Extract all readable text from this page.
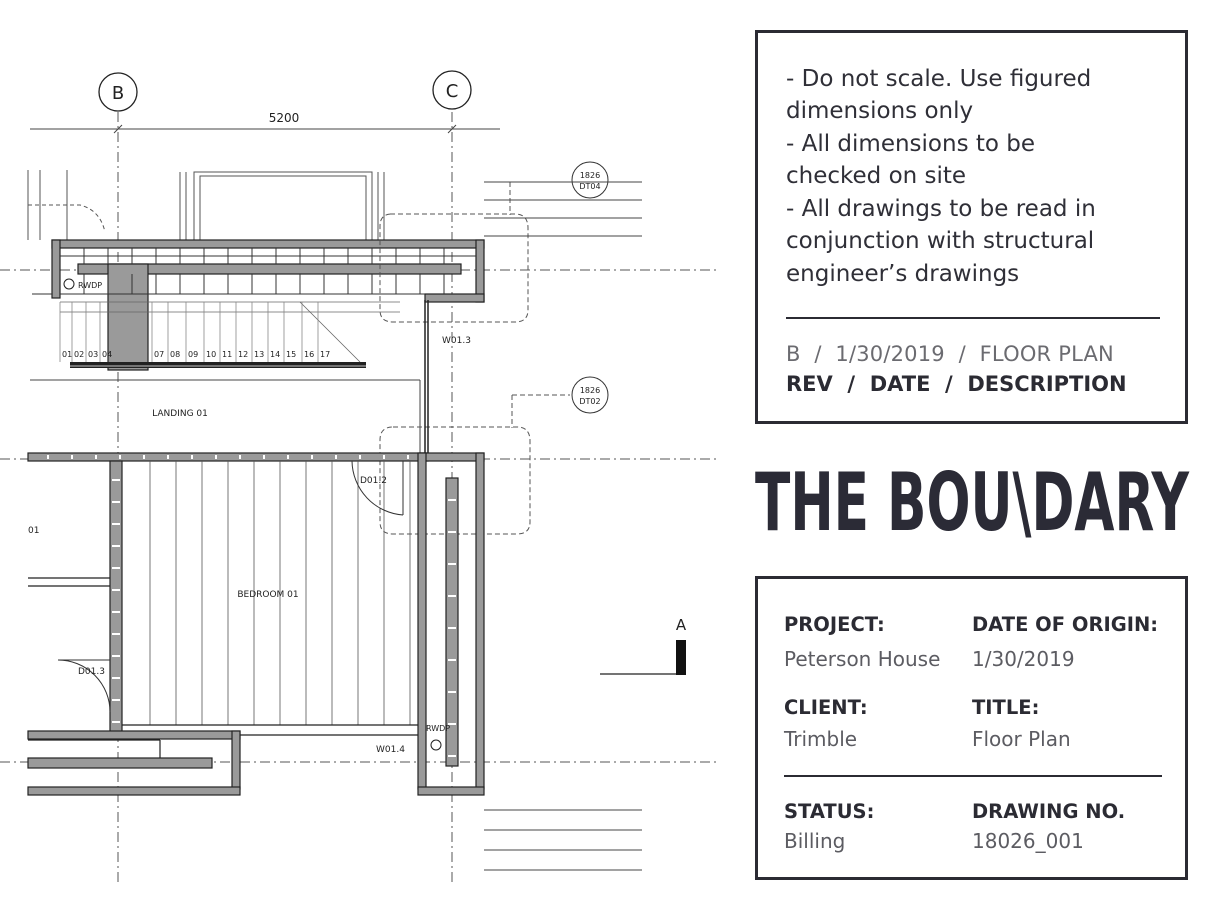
B	C
5200
RWDP
01 02 03 04	07 08 09 10 11 12 13 14 15 16 17
LANDING 01
W01.3
1826
DT04
1826
DT02
BEDROOM 01
01
D01.2
D01.3
W01.4
RWDP
A
- Do not scale. Use figured
dimensions only
- All dimensions to be
checked on site
- All drawings to be read in
conjunction with structural
engineer’s drawings
B  /  1/30/2019  /  FLOOR PLAN
REV  /  DATE  /  DESCRIPTION
THE BOU\DARY
PROJECT:
Peterson House
DATE OF ORIGIN:
1/30/2019
CLIENT:
Trimble
TITLE:
Floor Plan
STATUS:
Billing
DRAWING NO.
18026_001
